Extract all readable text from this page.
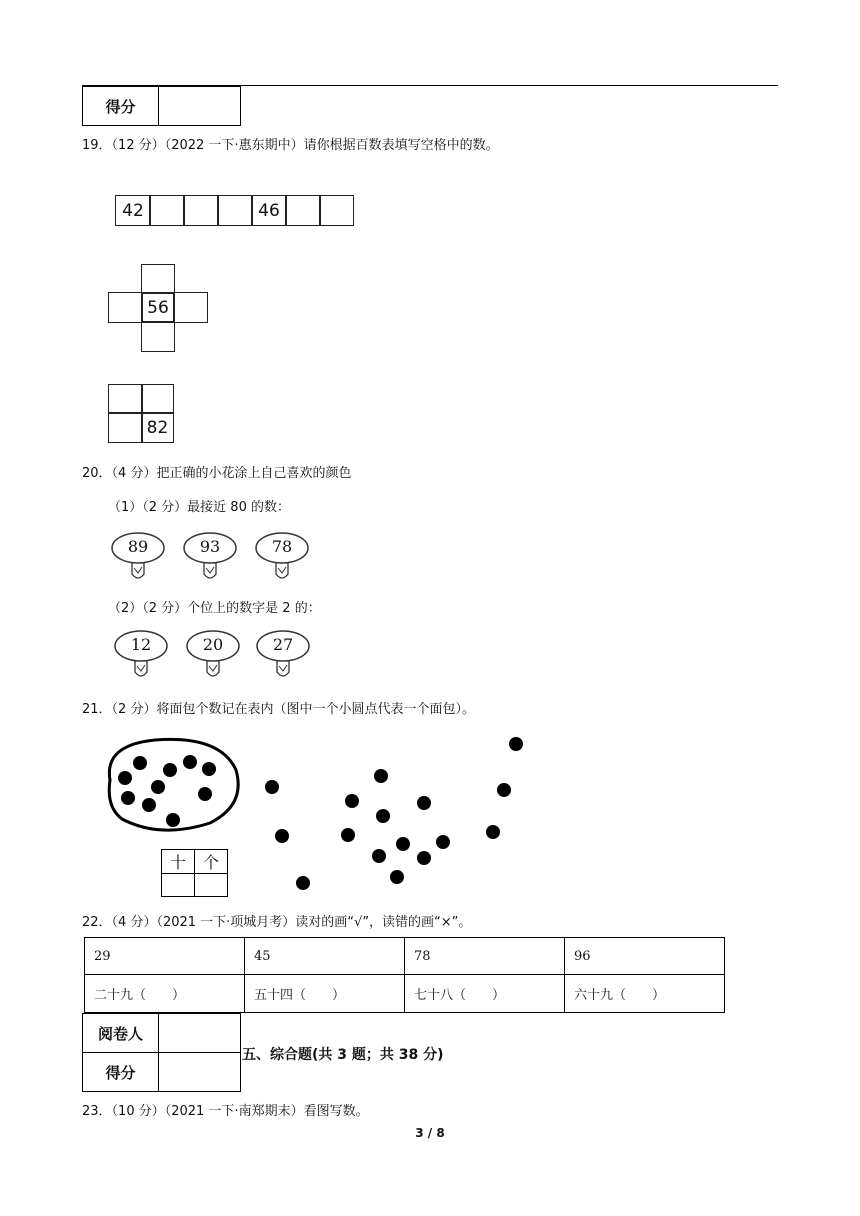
得分	
19．（12 分）（2022 一下·惠东期中）请你根据百数表填写空格中的数。
42	46
56
82
20．（4 分）把正确的小花涂上自己喜欢的颜色
（1）（2 分）最接近 80 的数：
89	93	78
（2）（2 分）个位上的数字是 2 的：
12	20	27
21．（2 分）将面包个数记在表内（图中一个小圆点代表一个面包）。
十	个

22．（4 分）（2021 一下·项城月考）读对的画“√”，读错的画“×”。
29	45	78	96
二十九（　　）	五十四（　　）	七十八（　　）	六十九（　　）
阅卷人	
得分	
五、综合题(共 3 题；共 38 分)
23．（10 分）（2021 一下·南郑期末）看图写数。
3 / 8
